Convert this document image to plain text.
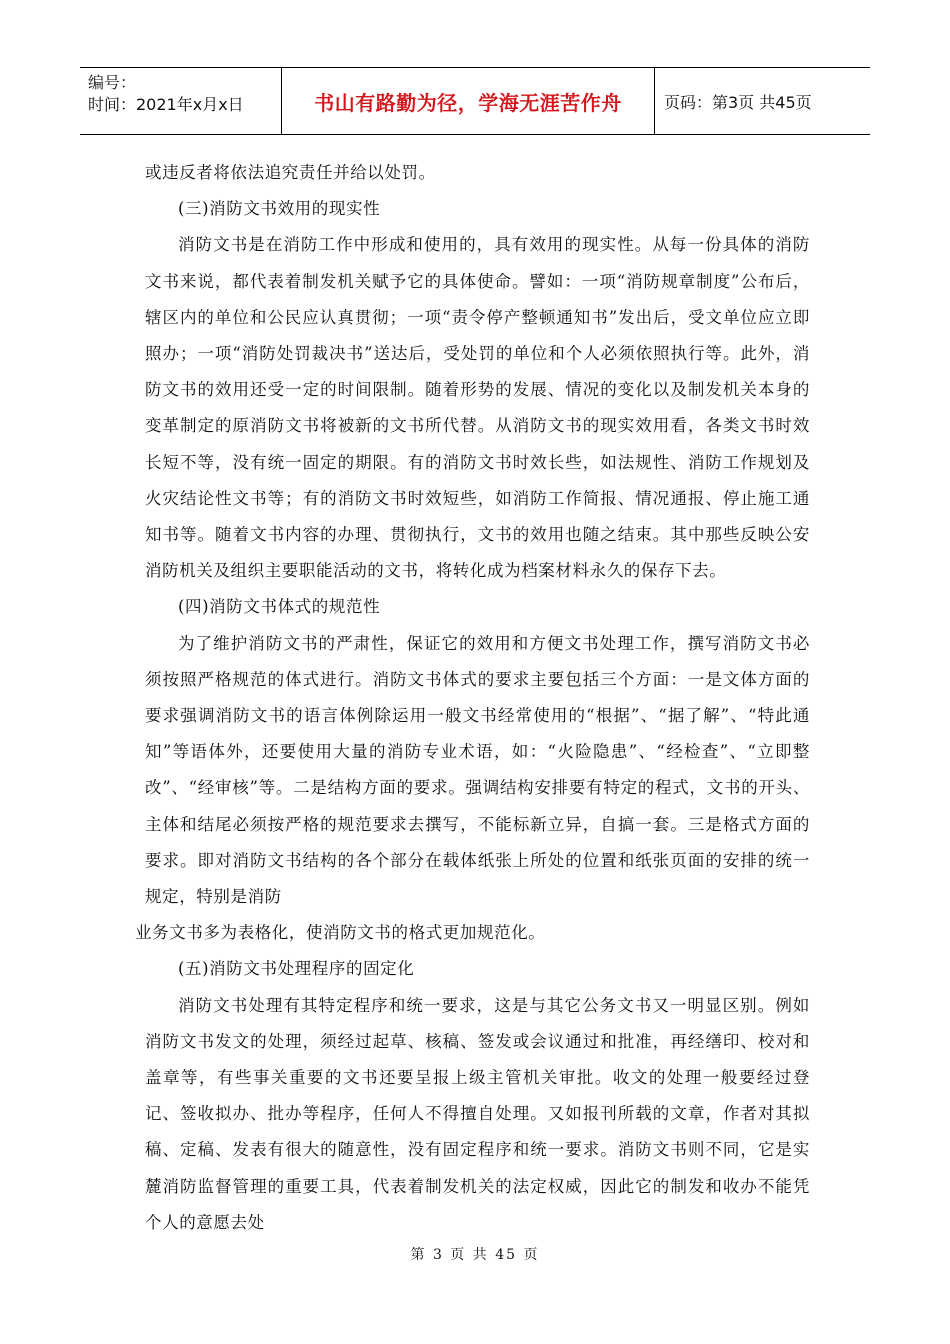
编号：
时间：2021年x月x日	书山有路勤为径，学海无涯苦作舟	页码：第3页 共45页

或违反者将依法追究责任并给以处罚。

(三)消防文书效用的现实性

消防文书是在消防工作中形成和使用的，具有效用的现实性。从每一份具体的消防文书来说，都代表着制发机关赋予它的具体使命。譬如：一项“消防规章制度”公布后，辖区内的单位和公民应认真贯彻；一项“责令停产整顿通知书”发出后，受文单位应立即照办；一项“消防处罚裁决书”送达后，受处罚的单位和个人必须依照执行等。此外，消防文书的效用还受一定的时间限制。随着形势的发展、情况的变化以及制发机关本身的变革制定的原消防文书将被新的文书所代替。从消防文书的现实效用看，各类文书时效长短不等，没有统一固定的期限。有的消防文书时效长些，如法规性、消防工作规划及火灾结论性文书等；有的消防文书时效短些，如消防工作简报、情况通报、停止施工通知书等。随着文书内容的办理、贯彻执行，文书的效用也随之结束。其中那些反映公安消防机关及组织主要职能活动的文书，将转化成为档案材料永久的保存下去。

(四)消防文书体式的规范性

为了维护消防文书的严肃性，保证它的效用和方便文书处理工作，撰写消防文书必须按照严格规范的体式进行。消防文书体式的要求主要包括三个方面：一是文体方面的要求强调消防文书的语言体例除运用一般文书经常使用的“根据”、“据了解”、“特此通知”等语体外，还要使用大量的消防专业术语，如：“火险隐患”、“经检查”、“立即整改”、“经审核”等。二是结构方面的要求。强调结构安排要有特定的程式，文书的开头、主体和结尾必须按严格的规范要求去撰写，不能标新立异，自搞一套。三是格式方面的要求。即对消防文书结构的各个部分在载体纸张上所处的位置和纸张页面的安排的统一规定，特别是消防

业务文书多为表格化，使消防文书的格式更加规范化。

(五)消防文书处理程序的固定化

消防文书处理有其特定程序和统一要求，这是与其它公务文书又一明显区别。例如消防文书发文的处理，须经过起草、核稿、签发或会议通过和批准，再经缮印、校对和盖章等，有些事关重要的文书还要呈报上级主管机关审批。收文的处理一般要经过登记、签收拟办、批办等程序，任何人不得擅自处理。又如报刊所载的文章，作者对其拟稿、定稿、发表有很大的随意性，没有固定程序和统一要求。消防文书则不同，它是实麓消防监督管理的重要工具，代表着制发机关的法定权威，因此它的制发和收办不能凭个人的意愿去处

第 3 页 共 45 页
